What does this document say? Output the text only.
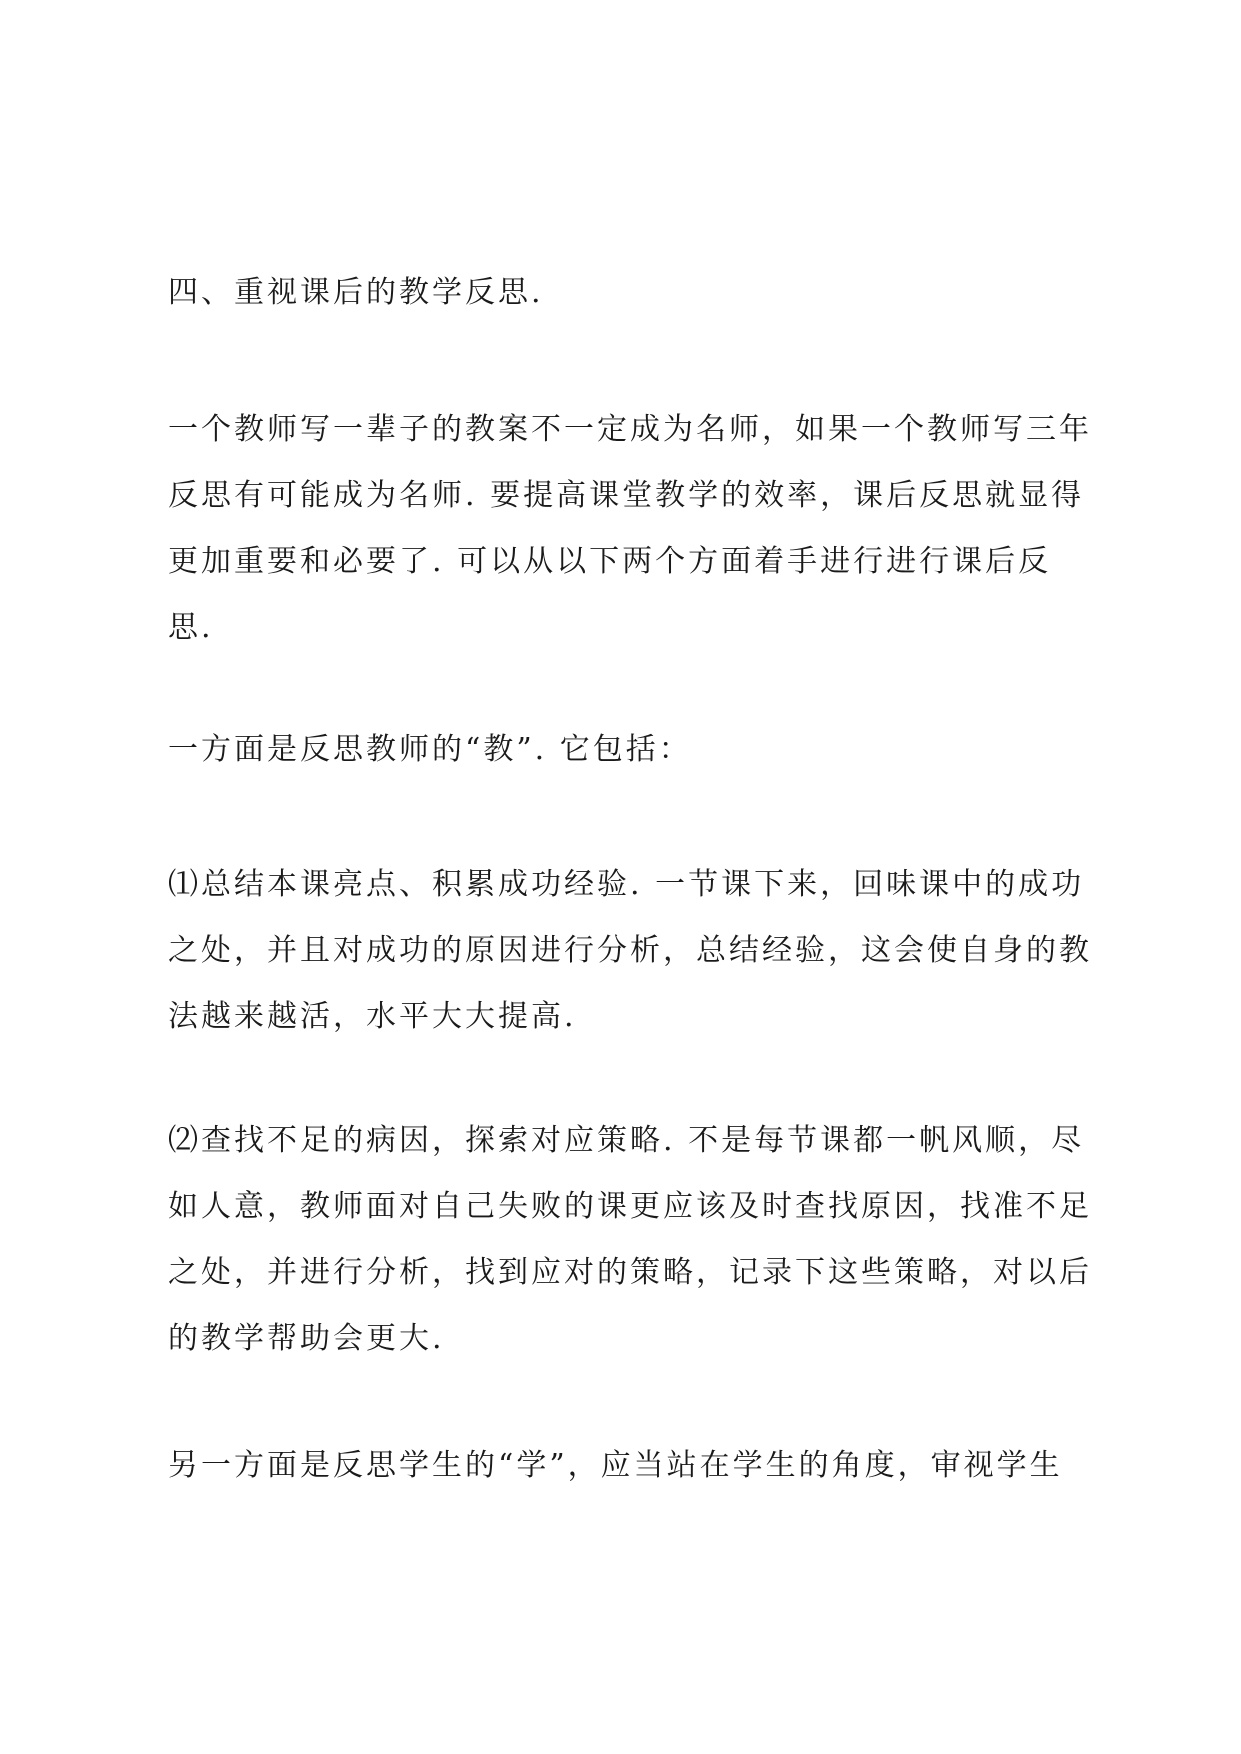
四、重视课后的教学反思.

一个教师写一辈子的教案不一定成为名师，如果一个教师写三年
反思有可能成为名师. 要提高课堂教学的效率，课后反思就显得
更加重要和必要了. 可以从以下两个方面着手进行进行课后反
思.

一方面是反思教师的“教”. 它包括：

⑴总结本课亮点、积累成功经验. 一节课下来，回味课中的成功
之处，并且对成功的原因进行分析，总结经验，这会使自身的教
法越来越活，水平大大提高.

⑵查找不足的病因，探索对应策略. 不是每节课都一帆风顺，尽
如人意，教师面对自己失败的课更应该及时查找原因，找准不足
之处，并进行分析，找到应对的策略，记录下这些策略，对以后
的教学帮助会更大.

另一方面是反思学生的“学”，应当站在学生的角度，审视学生
